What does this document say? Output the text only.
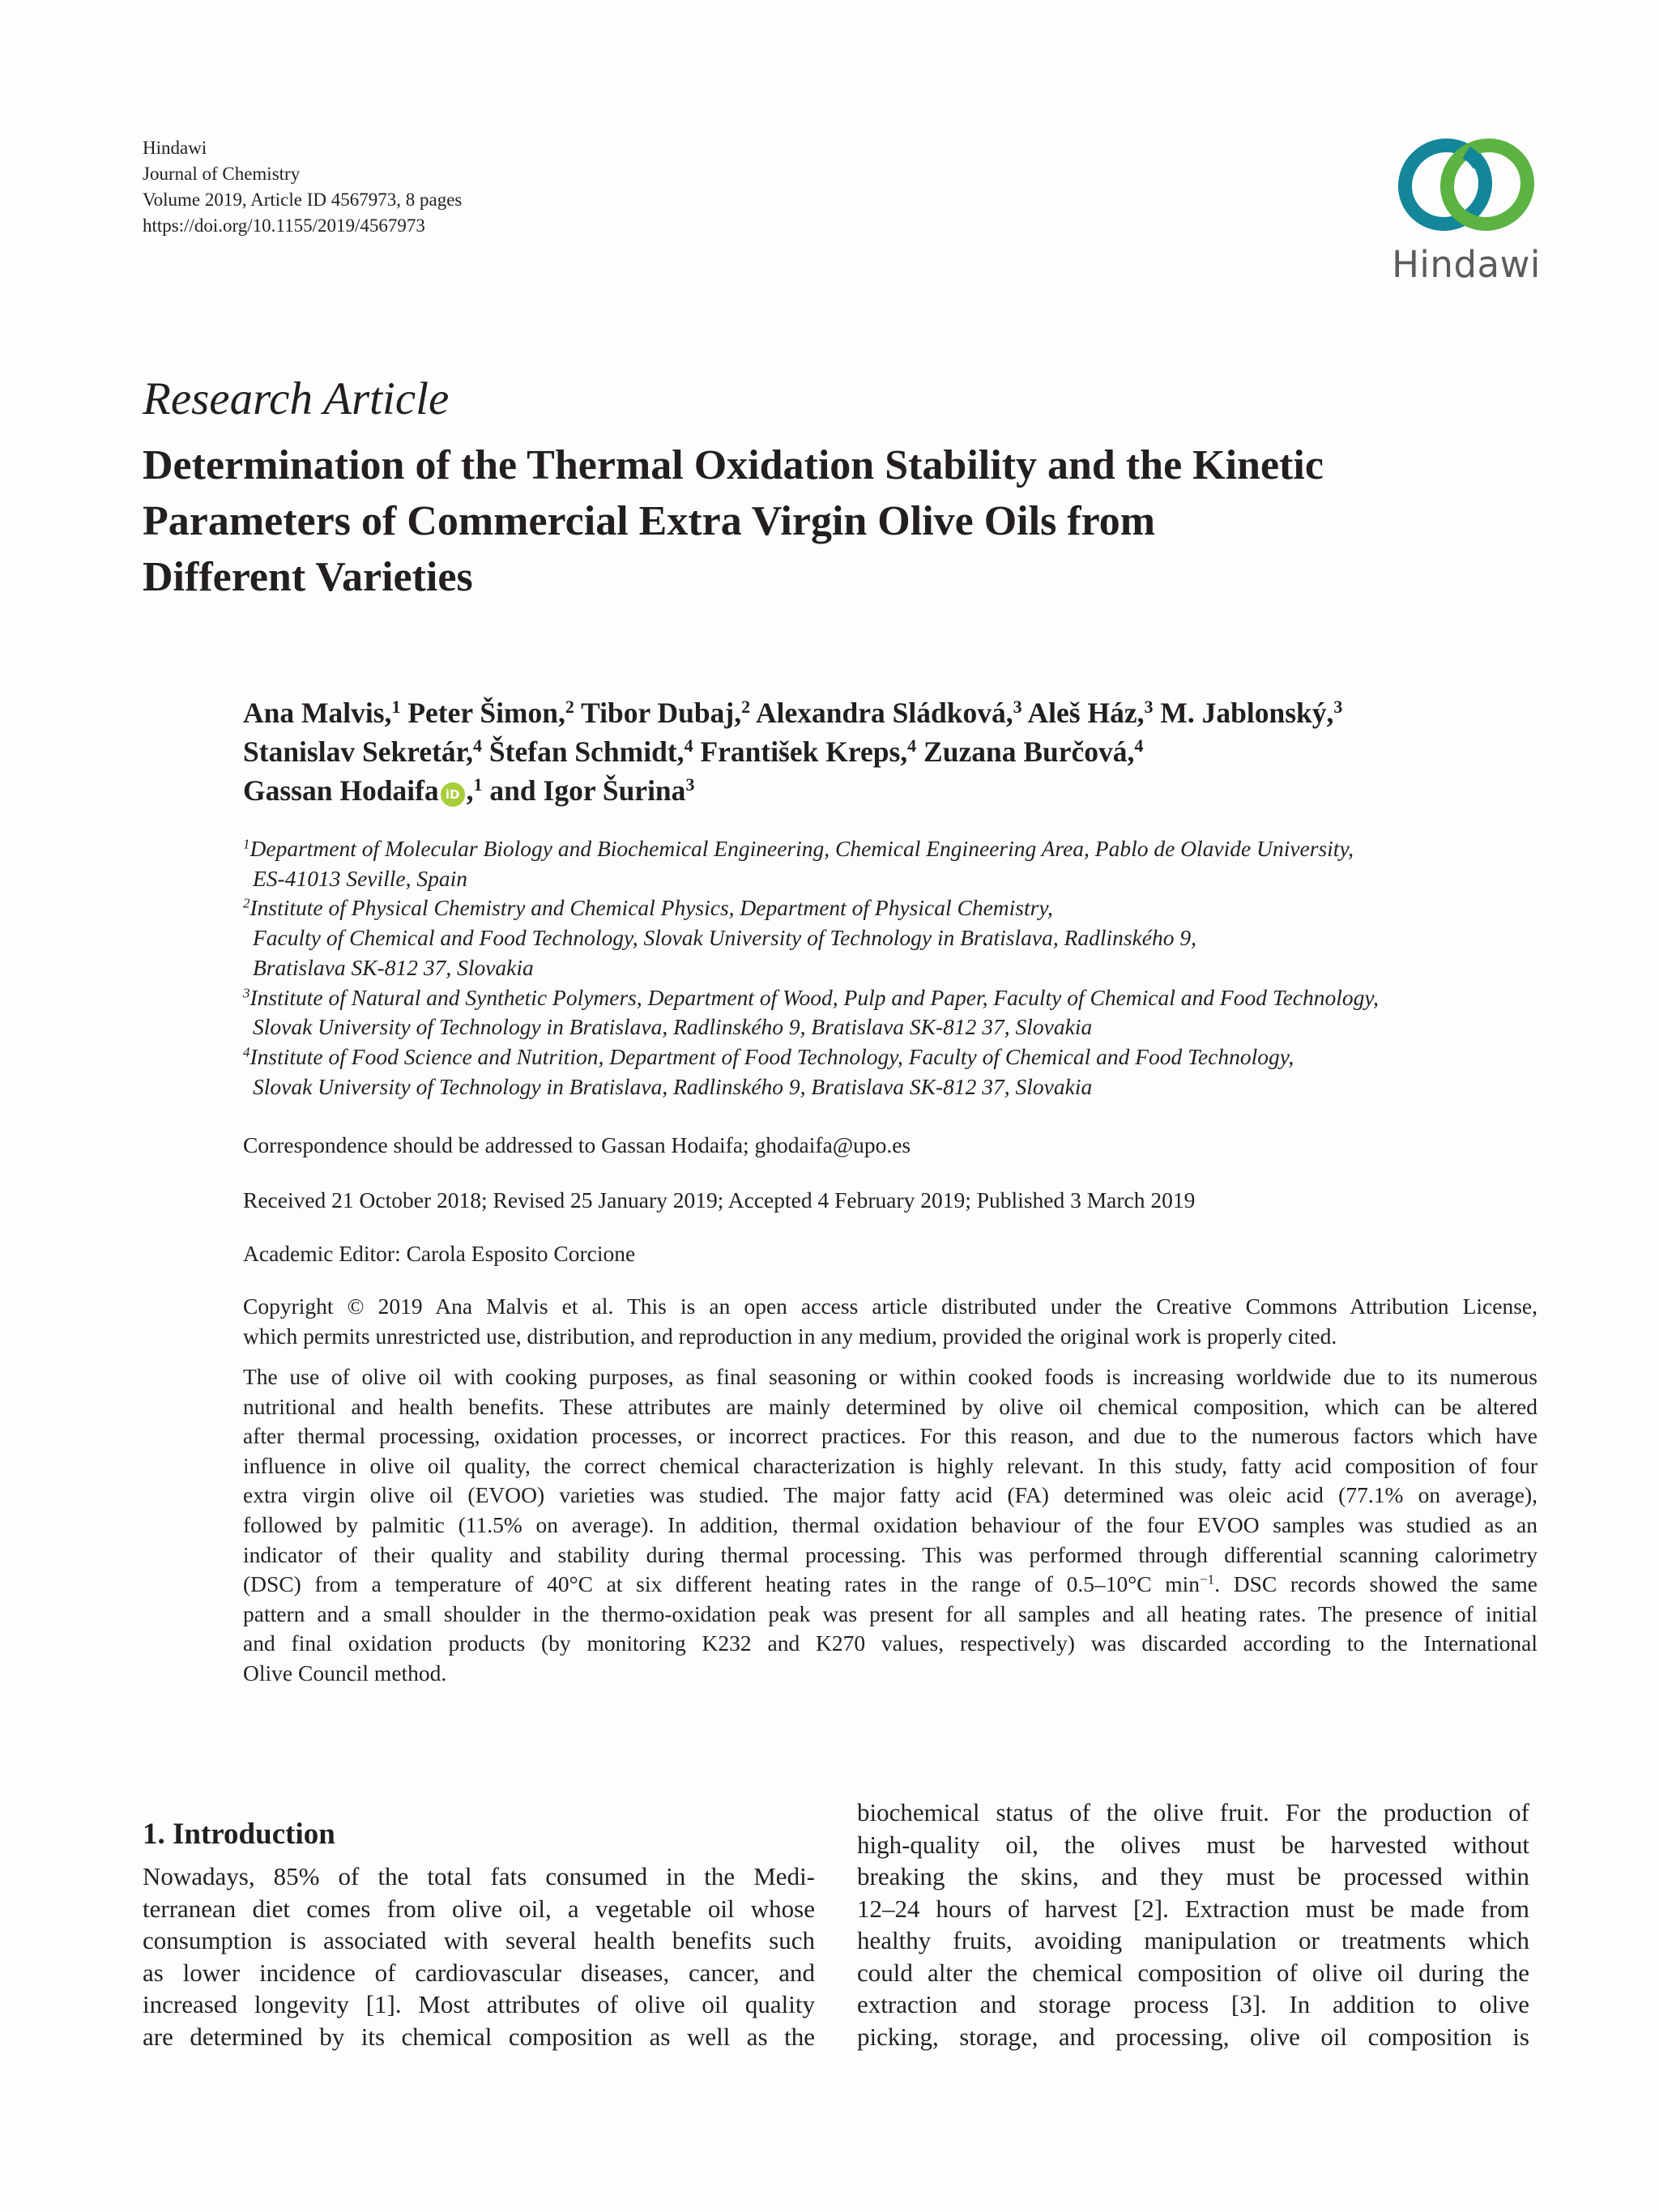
Hindawi
Journal of Chemistry
Volume 2019, Article ID 4567973, 8 pages
https://doi.org/10.1155/2019/4567973
Hindawi
Research Article
Determination of the Thermal Oxidation Stability and the Kinetic
Parameters of Commercial Extra Virgin Olive Oils from
Different Varieties
Ana Malvis,$^1$ Peter Šimon,$^2$ Tibor Dubaj,$^2$ Alexandra Sládková,$^3$ Aleš Ház,$^3$ M. Jablonský,$^3$
Stanislav Sekretár,$^4$ Štefan Schmidt,$^4$ František Kreps,$^4$ Zuzana Burčová,$^4$
Gassan Hodaifa iD ,$^1$ and Igor Šurina$^3$
$^1$Department of Molecular Biology and Biochemical Engineering, Chemical Engineering Area, Pablo de Olavide University,
ES-41013 Seville, Spain
$^2$Institute of Physical Chemistry and Chemical Physics, Department of Physical Chemistry,
Faculty of Chemical and Food Technology, Slovak University of Technology in Bratislava, Radlinského 9,
Bratislava SK-812 37, Slovakia
$^3$Institute of Natural and Synthetic Polymers, Department of Wood, Pulp and Paper, Faculty of Chemical and Food Technology,
Slovak University of Technology in Bratislava, Radlinského 9, Bratislava SK-812 37, Slovakia
$^4$Institute of Food Science and Nutrition, Department of Food Technology, Faculty of Chemical and Food Technology,
Slovak University of Technology in Bratislava, Radlinského 9, Bratislava SK-812 37, Slovakia
Correspondence should be addressed to Gassan Hodaifa; ghodaifa@upo.es
Received 21 October 2018; Revised 25 January 2019; Accepted 4 February 2019; Published 3 March 2019
Academic Editor: Carola Esposito Corcione
Copyright © 2019 Ana Malvis et al. This is an open access article distributed under the Creative Commons Attribution License,
which permits unrestricted use, distribution, and reproduction in any medium, provided the original work is properly cited.
The use of olive oil with cooking purposes, as final seasoning or within cooked foods is increasing worldwide due to its numerous
nutritional and health benefits. These attributes are mainly determined by olive oil chemical composition, which can be altered
after thermal processing, oxidation processes, or incorrect practices. For this reason, and due to the numerous factors which have
influence in olive oil quality, the correct chemical characterization is highly relevant. In this study, fatty acid composition of four
extra virgin olive oil (EVOO) varieties was studied. The major fatty acid (FA) determined was oleic acid (77.1% on average),
followed by palmitic (11.5% on average). In addition, thermal oxidation behaviour of the four EVOO samples was studied as an
indicator of their quality and stability during thermal processing. This was performed through differential scanning calorimetry
(DSC) from a temperature of 40°C at six different heating rates in the range of 0.5–10°C $\min^{-1}$. DSC records showed the same
pattern and a small shoulder in the thermo-oxidation peak was present for all samples and all heating rates. The presence of initial
and final oxidation products (by monitoring K232 and K270 values, respectively) was discarded according to the International
Olive Council method.
1. Introduction
Nowadays, 85% of the total fats consumed in the Medi-
terranean diet comes from olive oil, a vegetable oil whose
consumption is associated with several health benefits such
as lower incidence of cardiovascular diseases, cancer, and
increased longevity [1]. Most attributes of olive oil quality
are determined by its chemical composition as well as the
biochemical status of the olive fruit. For the production of
high-quality oil, the olives must be harvested without
breaking the skins, and they must be processed within
12–24 hours of harvest [2]. Extraction must be made from
healthy fruits, avoiding manipulation or treatments which
could alter the chemical composition of olive oil during the
extraction and storage process [3]. In addition to olive
picking, storage, and processing, olive oil composition is
